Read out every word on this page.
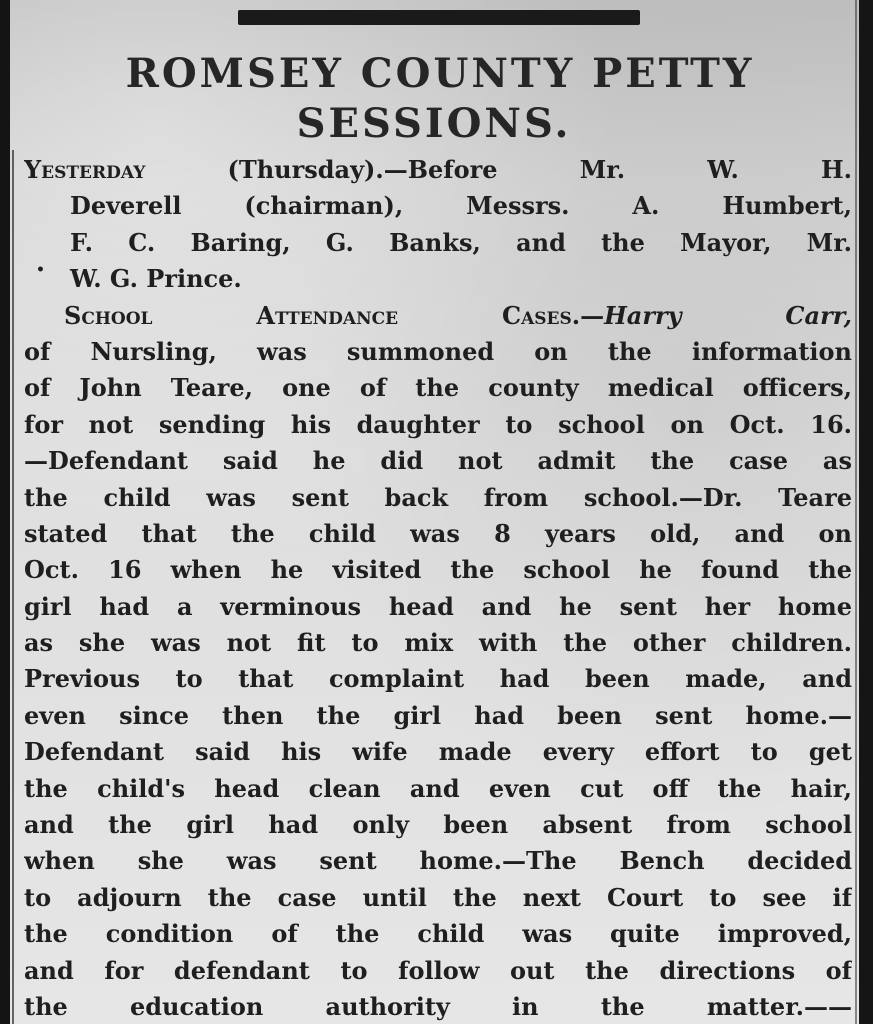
ROMSEY COUNTY PETTY
SESSIONS.
•
Yesterday (Thursday).—Before Mr. W. H.
Deverell (chairman), Messrs. A. Humbert,
F. C. Baring, G. Banks, and the Mayor, Mr.
W. G. Prince.
School Attendance Cases.—Harry Carr,
of Nursling, was summoned on the information
of John Teare, one of the county medical officers,
for not sending his daughter to school on Oct. 16.
—Defendant said he did not admit the case as
the child was sent back from school.—Dr. Teare
stated that the child was 8 years old, and on
Oct. 16 when he visited the school he found the
girl had a verminous head and he sent her home
as she was not fit to mix with the other children.
Previous to that complaint had been made, and
even since then the girl had been sent home.—
Defendant said his wife made every effort to get
the child's head clean and even cut off the hair,
and the girl had only been absent from school
when she was sent home.—The Bench decided
to adjourn the case until the next Court to see if
the condition of the child was quite improved,
and for defendant to follow out the directions of
the education authority in the matter.——
